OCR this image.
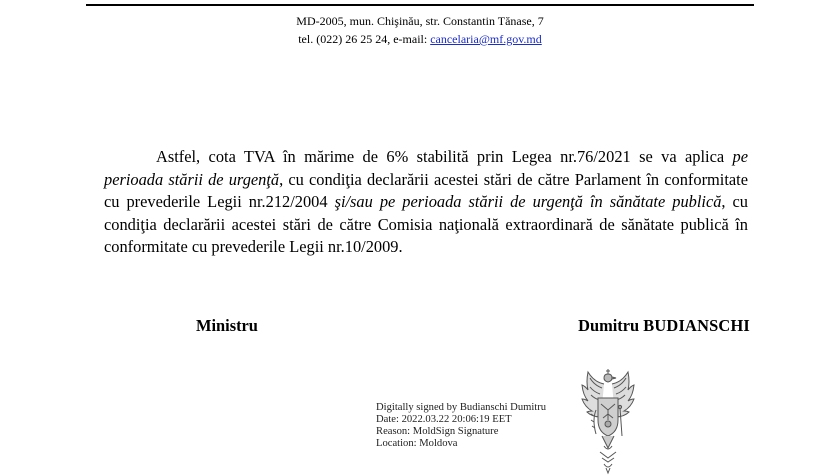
MD-2005, mun. Chişinău, str. Constantin Tănase, 7
tel. (022) 26 25 24, e-mail: cancelaria@mf.gov.md

Astfel, cota TVA în mărime de 6% stabilită prin Legea nr.76/2021 se va aplica pe perioada stării de urgenţă, cu condiţia declarării acestei stări de către Parlament în conformitate cu prevederile Legii nr.212/2004 şi/sau pe perioada stării de urgenţă în sănătate publică, cu condiţia declarării acestei stări de către Comisia naţională extraordinară de sănătate publică în conformitate cu prevederile Legii nr.10/2009.

Ministru	Dumitru BUDIANSCHI
Digitally signed by Budianschi Dumitru
Date: 2022.03.22 20:06:19 EET
Reason: MoldSign Signature
Location: Moldova
